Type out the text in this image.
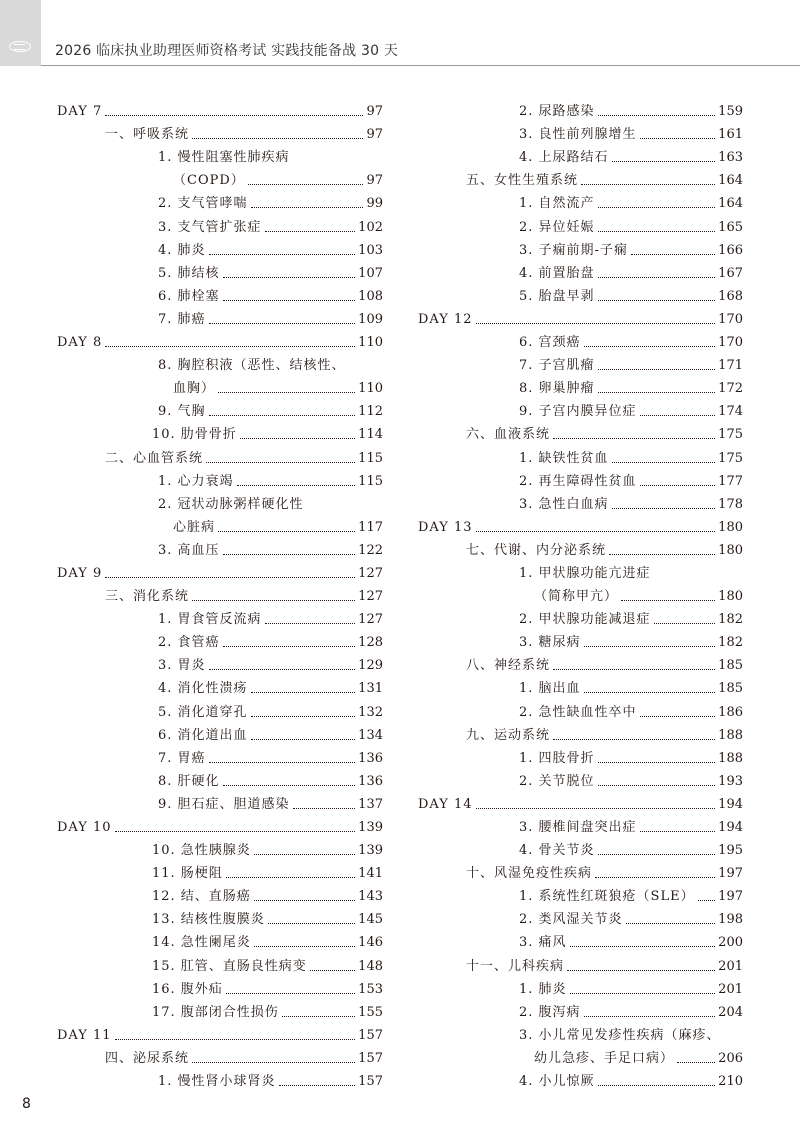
2026 临床执业助理医师资格考试 实践技能备战 30 天
DAY 7	97
一、呼吸系统	97
1. 慢性阻塞性肺疾病
（COPD）	97
2. 支气管哮喘	99
3. 支气管扩张症	102
4. 肺炎	103
5. 肺结核	107
6. 肺栓塞	108
7. 肺癌	109
DAY 8	110
8. 胸腔积液（恶性、结核性、
血胸）	110
9. 气胸	112
10. 肋骨骨折	114
二、心血管系统	115
1. 心力衰竭	115
2. 冠状动脉粥样硬化性
心脏病	117
3. 高血压	122
DAY 9	127
三、消化系统	127
1. 胃食管反流病	127
2. 食管癌	128
3. 胃炎	129
4. 消化性溃疡	131
5. 消化道穿孔	132
6. 消化道出血	134
7. 胃癌	136
8. 肝硬化	136
9. 胆石症、胆道感染	137
DAY 10	139
10. 急性胰腺炎	139
11. 肠梗阻	141
12. 结、直肠癌	143
13. 结核性腹膜炎	145
14. 急性阑尾炎	146
15. 肛管、直肠良性病变	148
16. 腹外疝	153
17. 腹部闭合性损伤	155
DAY 11	157
四、泌尿系统	157
1. 慢性肾小球肾炎	157
2. 尿路感染	159
3. 良性前列腺增生	161
4. 上尿路结石	163
五、女性生殖系统	164
1. 自然流产	164
2. 异位妊娠	165
3. 子痫前期-子痫	166
4. 前置胎盘	167
5. 胎盘早剥	168
DAY 12	170
6. 宫颈癌	170
7. 子宫肌瘤	171
8. 卵巢肿瘤	172
9. 子宫内膜异位症	174
六、血液系统	175
1. 缺铁性贫血	175
2. 再生障碍性贫血	177
3. 急性白血病	178
DAY 13	180
七、代谢、内分泌系统	180
1. 甲状腺功能亢进症
（简称甲亢）	180
2. 甲状腺功能减退症	182
3. 糖尿病	182
八、神经系统	185
1. 脑出血	185
2. 急性缺血性卒中	186
九、运动系统	188
1. 四肢骨折	188
2. 关节脱位	193
DAY 14	194
3. 腰椎间盘突出症	194
4. 骨关节炎	195
十、风湿免疫性疾病	197
1. 系统性红斑狼疮（SLE） 197
2. 类风湿关节炎	198
3. 痛风	200
十一、儿科疾病	201
1. 肺炎	201
2. 腹泻病	204
3. 小儿常见发疹性疾病（麻疹、
幼儿急疹、手足口病）	206
4. 小儿惊厥	210
8
